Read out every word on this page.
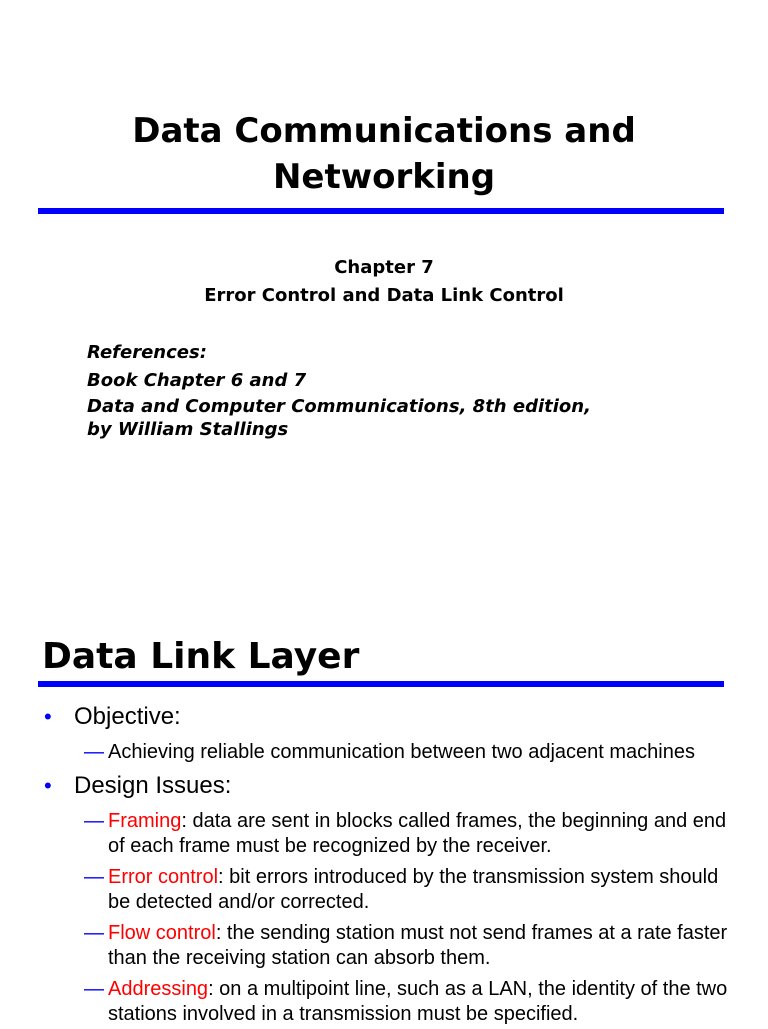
Data Communications and
Networking
Chapter 7
Error Control and Data Link Control
References:
Book Chapter 6 and 7
Data and Computer Communications, 8th edition,
by William Stallings
Data Link Layer
• Objective:
— Achieving reliable communication between two adjacent machines
• Design Issues:
— Framing: data are sent in blocks called frames, the beginning and end of each frame must be recognized by the receiver.
— Error control: bit errors introduced by the transmission system should be detected and/or corrected.
— Flow control: the sending station must not send frames at a rate faster than the receiving station can absorb them.
— Addressing: on a multipoint line, such as a LAN, the identity of the two stations involved in a transmission must be specified.
